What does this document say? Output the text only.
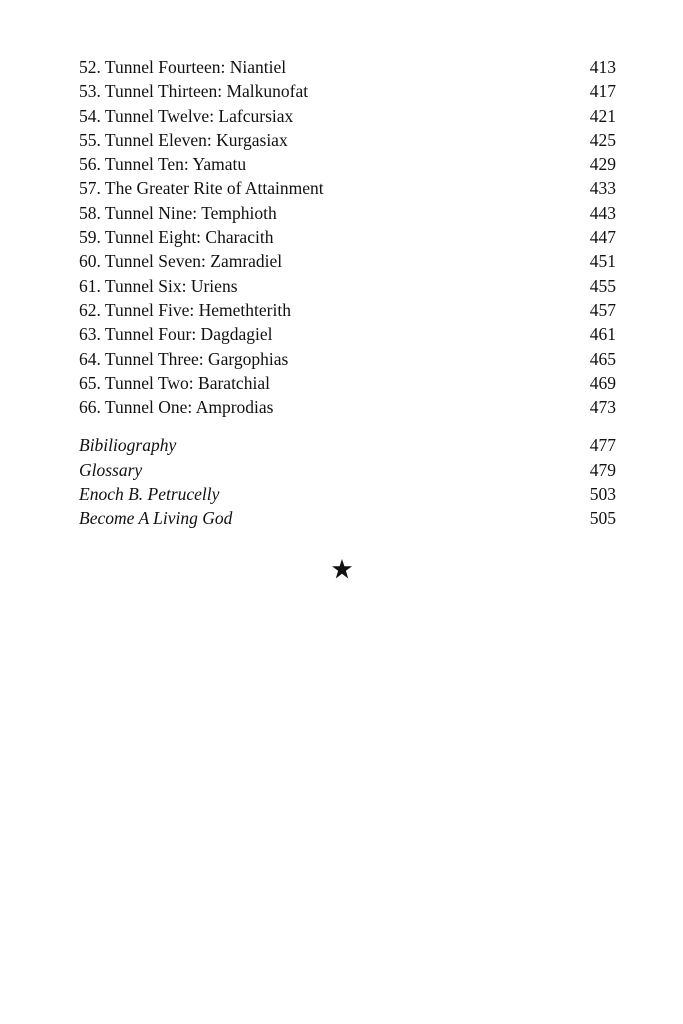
52. Tunnel Fourteen: Niantiel	413
53. Tunnel Thirteen: Malkunofat	417
54. Tunnel Twelve: Lafcursiax	421
55. Tunnel Eleven: Kurgasiax	425
56. Tunnel Ten: Yamatu	429
57. The Greater Rite of Attainment	433
58. Tunnel Nine: Temphioth	443
59. Tunnel Eight: Characith	447
60. Tunnel Seven: Zamradiel	451
61. Tunnel Six: Uriens	455
62. Tunnel Five: Hemethterith	457
63. Tunnel Four: Dagdagiel	461
64. Tunnel Three: Gargophias	465
65. Tunnel Two: Baratchial	469
66. Tunnel One: Amprodias	473
Bibiliography	477
Glossary	479
Enoch B. Petrucelly	503
Become A Living God	505
